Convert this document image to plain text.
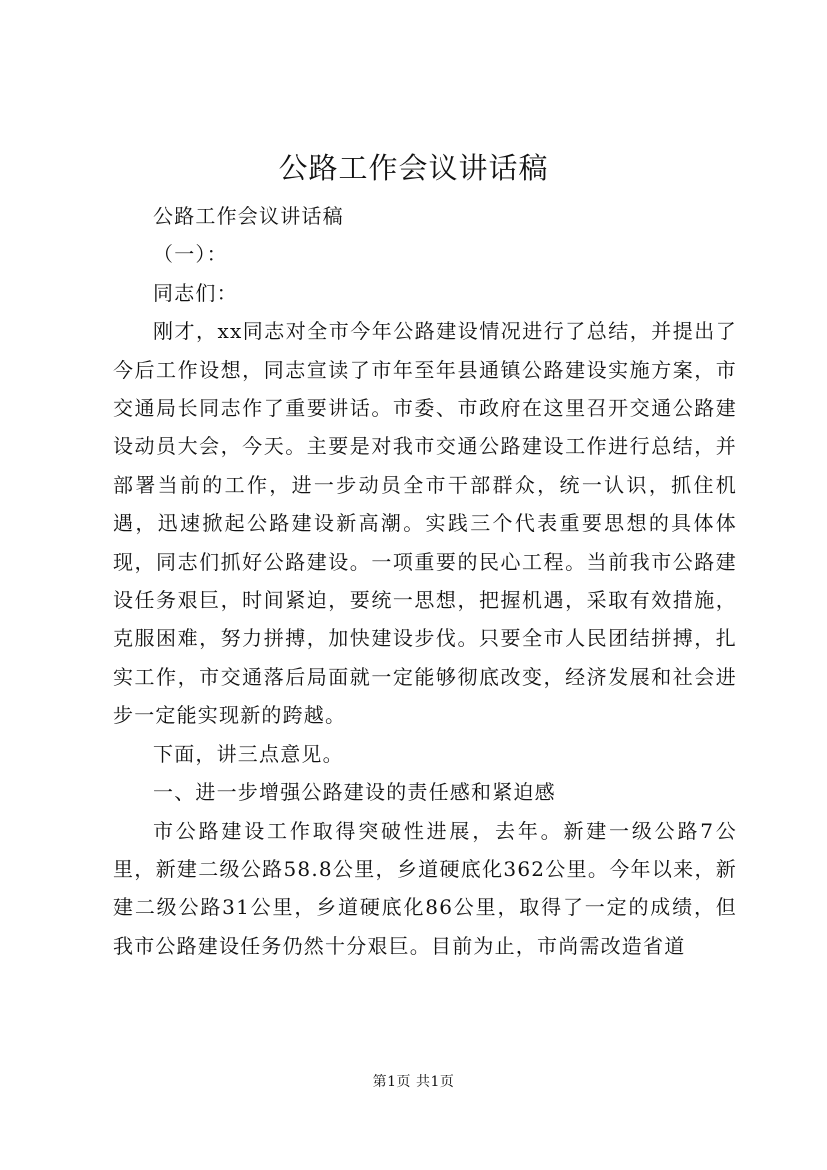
公路工作会议讲话稿

公路工作会议讲话稿

（一）：

同志们：

刚才，xx同志对全市今年公路建设情况进行了总结，并提出了今后工作设想，同志宣读了市年至年县通镇公路建设实施方案，市交通局长同志作了重要讲话。市委、市政府在这里召开交通公路建设动员大会，今天。主要是对我市交通公路建设工作进行总结，并部署当前的工作，进一步动员全市干部群众，统一认识，抓住机遇，迅速掀起公路建设新高潮。实践三个代表重要思想的具体体现，同志们抓好公路建设。一项重要的民心工程。当前我市公路建设任务艰巨，时间紧迫，要统一思想，把握机遇，采取有效措施，克服困难，努力拼搏，加快建设步伐。只要全市人民团结拼搏，扎实工作，市交通落后局面就一定能够彻底改变，经济发展和社会进步一定能实现新的跨越。

下面，讲三点意见。

一、进一步增强公路建设的责任感和紧迫感

市公路建设工作取得突破性进展，去年。新建一级公路7公里，新建二级公路58.8公里，乡道硬底化362公里。今年以来，新建二级公路31公里，乡道硬底化86公里，取得了一定的成绩，但我市公路建设任务仍然十分艰巨。目前为止，市尚需改造省道

第1页 共1页
